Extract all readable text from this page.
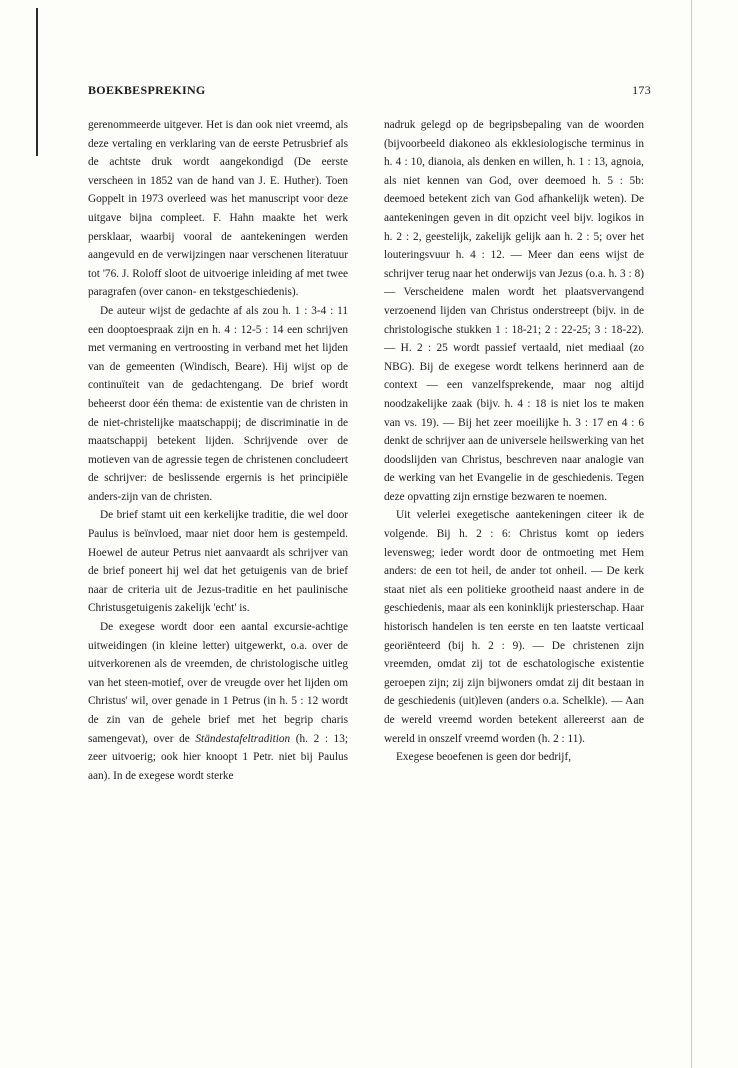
BOEKBESPREKING	173

gerenommeerde uitgever. Het is dan ook niet vreemd, als deze vertaling en verklaring van de eerste Petrusbrief als de achtste druk wordt aangekondigd (De eerste verscheen in 1852 van de hand van J. E. Huther). Toen Goppelt in 1973 overleed was het manuscript voor deze uitgave bijna compleet. F. Hahn maakte het werk persklaar, waarbij vooral de aantekeningen werden aangevuld en de verwijzingen naar verschenen literatuur tot '76. J. Roloff sloot de uitvoerige inleiding af met twee paragrafen (over canon- en tekstgeschiedenis).

De auteur wijst de gedachte af als zou h. 1 : 3-4 : 11 een dooptoespraak zijn en h. 4 : 12-5 : 14 een schrijven met vermaning en vertroosting in verband met het lijden van de gemeenten (Windisch, Beare). Hij wijst op de continuïteit van de gedachtengang. De brief wordt beheerst door één thema: de existentie van de christen in de niet-christelijke maatschappij; de discriminatie in de maatschappij betekent lijden. Schrijvende over de motieven van de agressie tegen de christenen concludeert de schrijver: de beslissende ergernis is het principiële anders-zijn van de christen.

De brief stamt uit een kerkelijke traditie, die wel door Paulus is beïnvloed, maar niet door hem is gestempeld. Hoewel de auteur Petrus niet aanvaardt als schrijver van de brief poneert hij wel dat het getuigenis van de brief naar de criteria uit de Jezus-traditie en het paulinische Christusgetuigenis zakelijk 'echt' is.

De exegese wordt door een aantal excursie-achtige uitweidingen (in kleine letter) uitgewerkt, o.a. over de uitverkorenen als de vreemden, de christologische uitleg van het steen-motief, over de vreugde over het lijden om Christus' wil, over genade in 1 Petrus (in h. 5 : 12 wordt de zin van de gehele brief met het begrip charis samengevat), over de Ständestafeltradition (h. 2 : 13; zeer uitvoerig; ook hier knoopt 1 Petr. niet bij Paulus aan). In de exegese wordt sterke

nadruk gelegd op de begripsbepaling van de woorden (bijvoorbeeld diakoneo als ekklesiologische terminus in h. 4 : 10, dianoia, als denken en willen, h. 1 : 13, agnoia, als niet kennen van God, over deemoed h. 5 : 5b: deemoed betekent zich van God afhankelijk weten). De aantekeningen geven in dit opzicht veel bijv. logikos in h. 2 : 2, geestelijk, zakelijk gelijk aan h. 2 : 5; over het louteringsvuur h. 4 : 12. — Meer dan eens wijst de schrijver terug naar het onderwijs van Jezus (o.a. h. 3 : 8) — Verscheidene malen wordt het plaatsvervangend verzoenend lijden van Christus onderstreept (bijv. in de christologische stukken 1 : 18-21; 2 : 22-25; 3 : 18-22). — H. 2 : 25 wordt passief vertaald, niet mediaal (zo NBG). Bij de exegese wordt telkens herinnerd aan de context — een vanzelfsprekende, maar nog altijd noodzakelijke zaak (bijv. h. 4 : 18 is niet los te maken van vs. 19). — Bij het zeer moeilijke h. 3 : 17 en 4 : 6 denkt de schrijver aan de universele heilswerking van het doodslijden van Christus, beschreven naar analogie van de werking van het Evangelie in de geschiedenis. Tegen deze opvatting zijn ernstige bezwaren te noemen.

Uit velerlei exegetische aantekeningen citeer ik de volgende. Bij h. 2 : 6: Christus komt op ieders levensweg; ieder wordt door de ontmoeting met Hem anders: de een tot heil, de ander tot onheil. — De kerk staat niet als een politieke grootheid naast andere in de geschiedenis, maar als een koninklijk priesterschap. Haar historisch handelen is ten eerste en ten laatste verticaal georiënteerd (bij h. 2 : 9). — De christenen zijn vreemden, omdat zij tot de eschatologische existentie geroepen zijn; zij zijn bijwoners omdat zij dit bestaan in de geschiedenis (uit)leven (anders o.a. Schelkle). — Aan de wereld vreemd worden betekent allereerst aan de wereld in onszelf vreemd worden (h. 2 : 11).

Exegese beoefenen is geen dor bedrijf,
